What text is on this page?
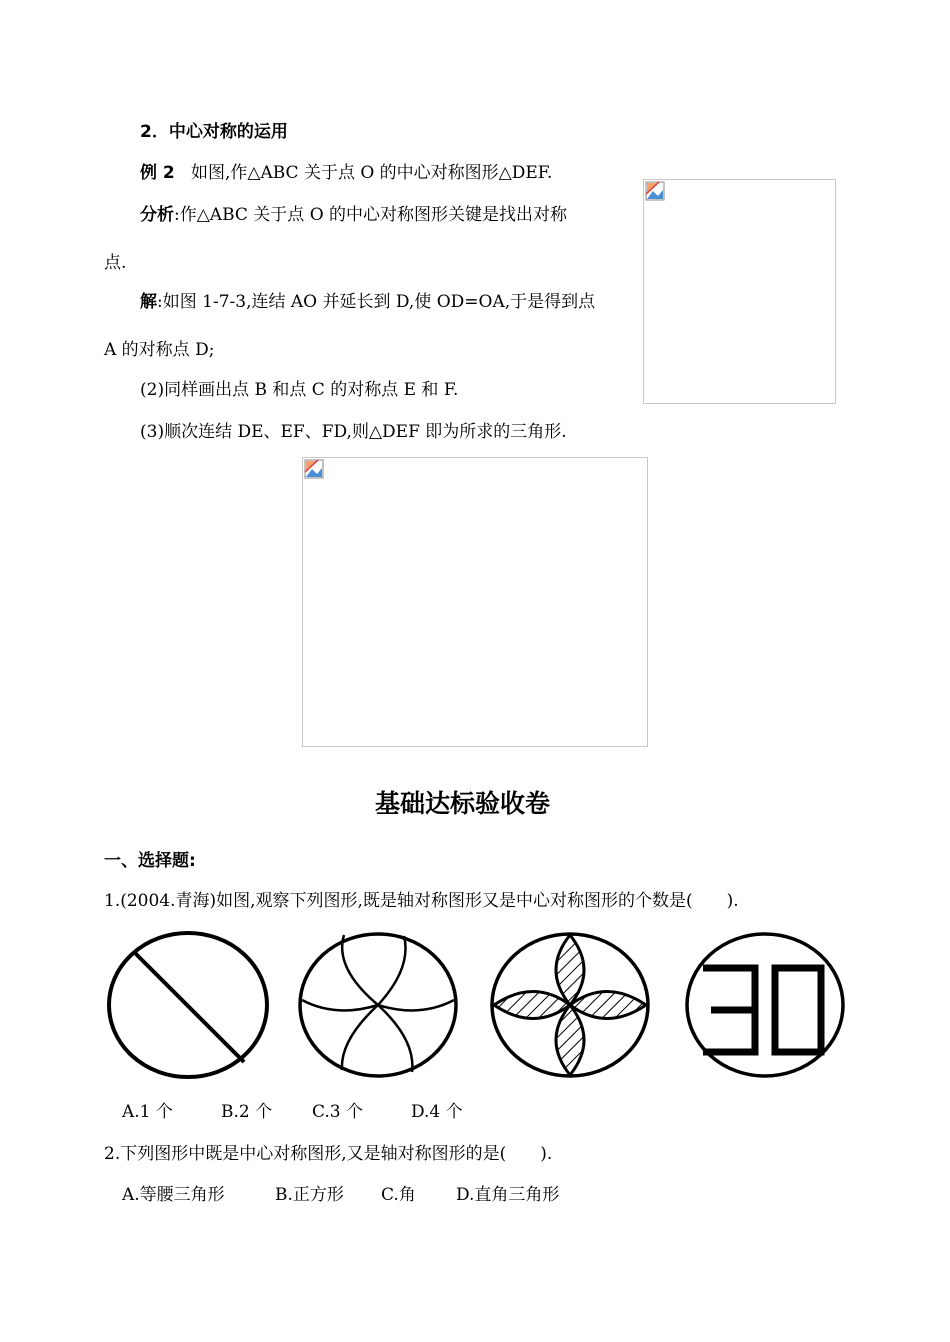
2．中心对称的运用
例 2 如图,作△ABC 关于点 O 的中心对称图形△DEF.
分析:作△ABC 关于点 O 的中心对称图形关键是找出对称
点.
解:如图 1-7-3,连结 AO 并延长到 D,使 OD=OA,于是得到点
A 的对称点 D;
(2)同样画出点 B 和点 C 的对称点 E 和 F.
(3)顺次连结 DE、EF、FD,则△DEF 即为所求的三角形.
基础达标验收卷
一、选择题:
1.(2004.青海)如图,观察下列图形,既是轴对称图形又是中心对称图形的个数是(　　).
A.1 个	B.2 个 C.3 个	D.4 个
2.下列图形中既是中心对称图形,又是轴对称图形的是(　　).
A.等腰三角形	B.正方形 C.角 D.直角三角形
